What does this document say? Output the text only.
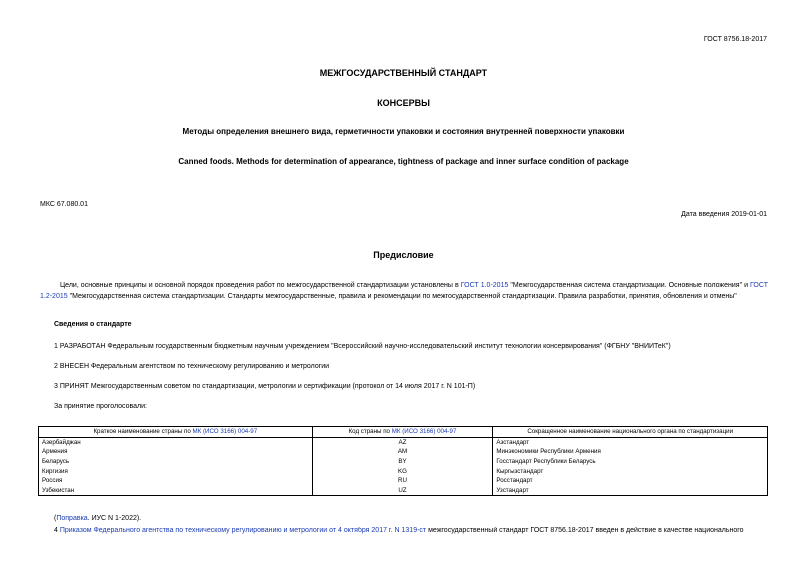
ГОСТ 8756.18-2017
МЕЖГОСУДАРСТВЕННЫЙ СТАНДАРТ
КОНСЕРВЫ
Методы определения внешнего вида, герметичности упаковки и состояния внутренней поверхности упаковки
Canned foods. Methods for determination of appearance, tightness of package and inner surface condition of package
МКС 67.080.01
Дата введения 2019-01-01
Предисловие
Цели, основные принципы и основной порядок проведения работ по межгосударственной стандартизации установлены в ГОСТ 1.0-2015 "Межгосударственная система стандартизации. Основные положения" и ГОСТ 1.2-2015 "Межгосударственная система стандартизации. Стандарты межгосударственные, правила и рекомендации по межгосударственной стандартизации. Правила разработки, принятия, обновления и отмены"
Сведения о стандарте
1 РАЗРАБОТАН Федеральным государственным бюджетным научным учреждением "Всероссийский научно-исследовательский институт технологии консервирования" (ФГБНУ "ВНИИТеК")
2 ВНЕСЕН Федеральным агентством по техническому регулированию и метрологии
3 ПРИНЯТ Межгосударственным советом по стандартизации, метрологии и сертификации (протокол от 14 июля 2017 г. N 101-П)
За принятие проголосовали:
Краткое наименование страны по МК (ИСО 3166) 004-97	Код страны по МК (ИСО 3166) 004-97	Сокращенное наименование национального органа по стандартизации
Азербайджан	AZ	Азстандарт
Армения	AM	Минэкономики Республики Армения
Беларусь	BY	Госстандарт Республики Беларусь
Киргизия	KG	Кыргызстандарт
Россия	RU	Росстандарт
Узбекистан	UZ	Узстандарт
(Поправка. ИУС N 1-2022).
4 Приказом Федерального агентства по техническому регулированию и метрологии от 4 октября 2017 г. N 1319-ст межгосударственный стандарт ГОСТ 8756.18-2017 введен в действие в качестве национального
